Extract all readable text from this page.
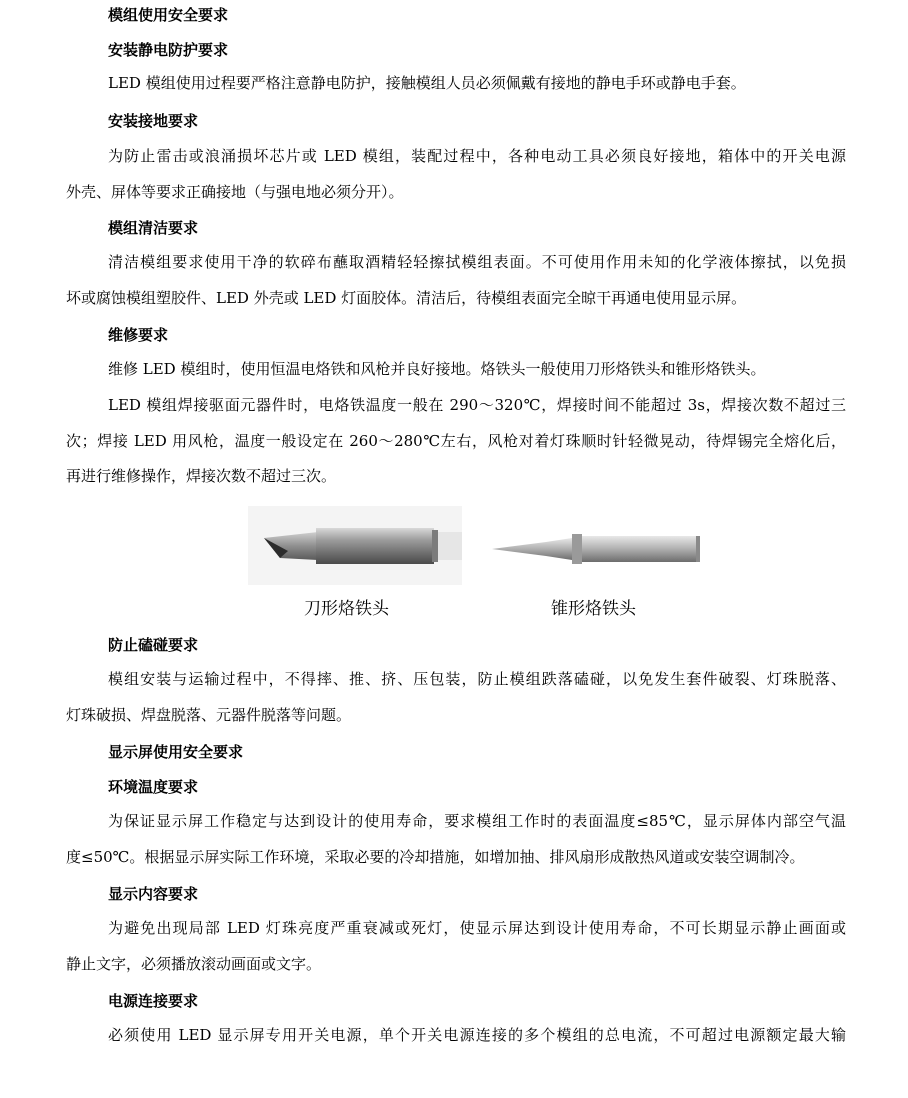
模组使用安全要求
安装静电防护要求
LED 模组使用过程要严格注意静电防护，接触模组人员必须佩戴有接地的静电手环或静电手套。
安装接地要求
为防止雷击或浪涌损坏芯片或 LED 模组，装配过程中，各种电动工具必须良好接地，箱体中的开关电源
外壳、屏体等要求正确接地（与强电地必须分开）。
模组清洁要求
清洁模组要求使用干净的软碎布蘸取酒精轻轻擦拭模组表面。不可使用作用未知的化学液体擦拭，以免损
坏或腐蚀模组塑胶件、LED 外壳或 LED 灯面胶体。清洁后，待模组表面完全晾干再通电使用显示屏。
维修要求
维修 LED 模组时，使用恒温电烙铁和风枪并良好接地。烙铁头一般使用刀形烙铁头和锥形烙铁头。
LED 模组焊接驱面元器件时，电烙铁温度一般在 290～320℃，焊接时间不能超过 3s，焊接次数不超过三
次；焊接 LED 用风枪，温度一般设定在 260～280℃左右，风枪对着灯珠顺时针轻微晃动，待焊锡完全熔化后，
再进行维修操作，焊接次数不超过三次。
刀形烙铁头	锥形烙铁头
防止磕碰要求
模组安装与运输过程中，不得摔、推、挤、压包装，防止模组跌落磕碰，以免发生套件破裂、灯珠脱落、
灯珠破损、焊盘脱落、元器件脱落等问题。
显示屏使用安全要求
环境温度要求
为保证显示屏工作稳定与达到设计的使用寿命，要求模组工作时的表面温度≤85℃，显示屏体内部空气温
度≤50℃。根据显示屏实际工作环境，采取必要的冷却措施，如增加抽、排风扇形成散热风道或安装空调制冷。
显示内容要求
为避免出现局部 LED 灯珠亮度严重衰减或死灯，使显示屏达到设计使用寿命，不可长期显示静止画面或
静止文字，必须播放滚动画面或文字。
电源连接要求
必须使用 LED 显示屏专用开关电源，单个开关电源连接的多个模组的总电流，不可超过电源额定最大输
